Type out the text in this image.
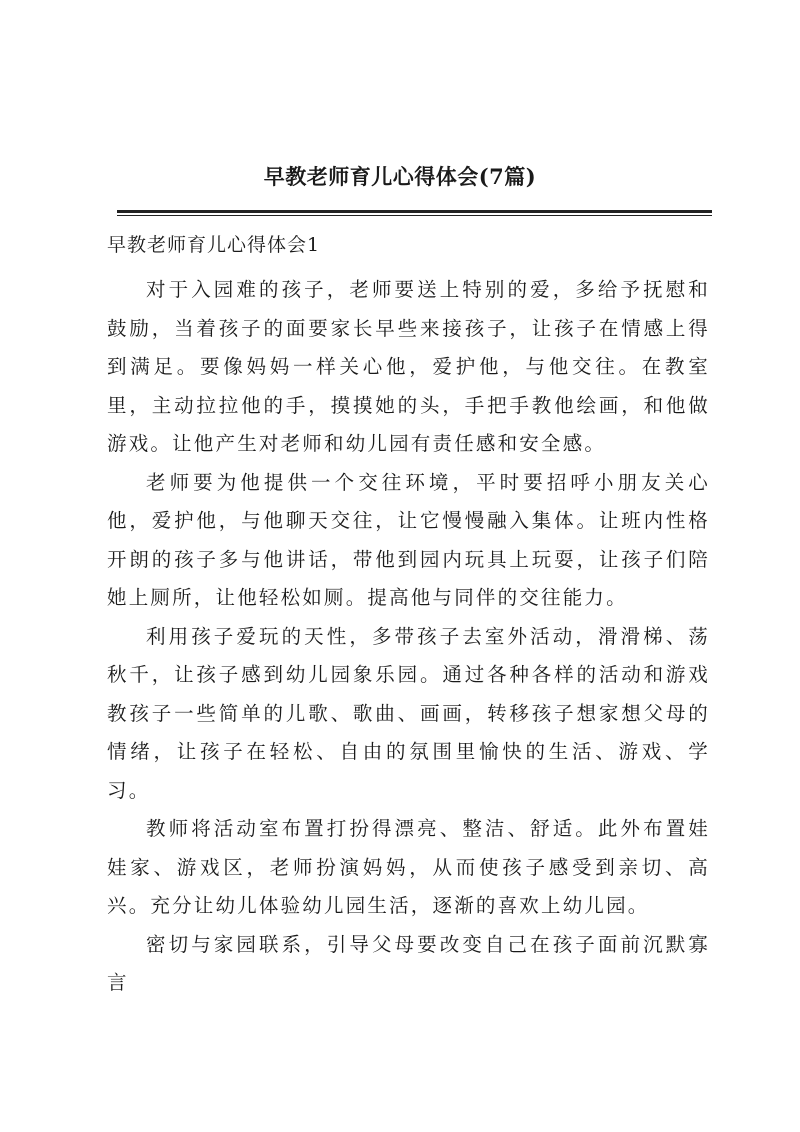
早教老师育儿心得体会(7篇)
早教老师育儿心得体会1

对于入园难的孩子，老师要送上特别的爱，多给予抚慰和鼓励，当着孩子的面要家长早些来接孩子，让孩子在情感上得到满足。要像妈妈一样关心他，爱护他，与他交往。在教室里，主动拉拉他的手，摸摸她的头，手把手教他绘画，和他做游戏。让他产生对老师和幼儿园有责任感和安全感。

老师要为他提供一个交往环境，平时要招呼小朋友关心他，爱护他，与他聊天交往，让它慢慢融入集体。让班内性格开朗的孩子多与他讲话，带他到园内玩具上玩耍，让孩子们陪她上厕所，让他轻松如厕。提高他与同伴的交往能力。

利用孩子爱玩的天性，多带孩子去室外活动，滑滑梯、荡秋千，让孩子感到幼儿园象乐园。通过各种各样的活动和游戏教孩子一些简单的儿歌、歌曲、画画，转移孩子想家想父母的情绪，让孩子在轻松、自由的氛围里愉快的生活、游戏、学习。

教师将活动室布置打扮得漂亮、整洁、舒适。此外布置娃娃家、游戏区，老师扮演妈妈，从而使孩子感受到亲切、高兴。充分让幼儿体验幼儿园生活，逐渐的喜欢上幼儿园。

密切与家园联系，引导父母要改变自己在孩子面前沉默寡言
